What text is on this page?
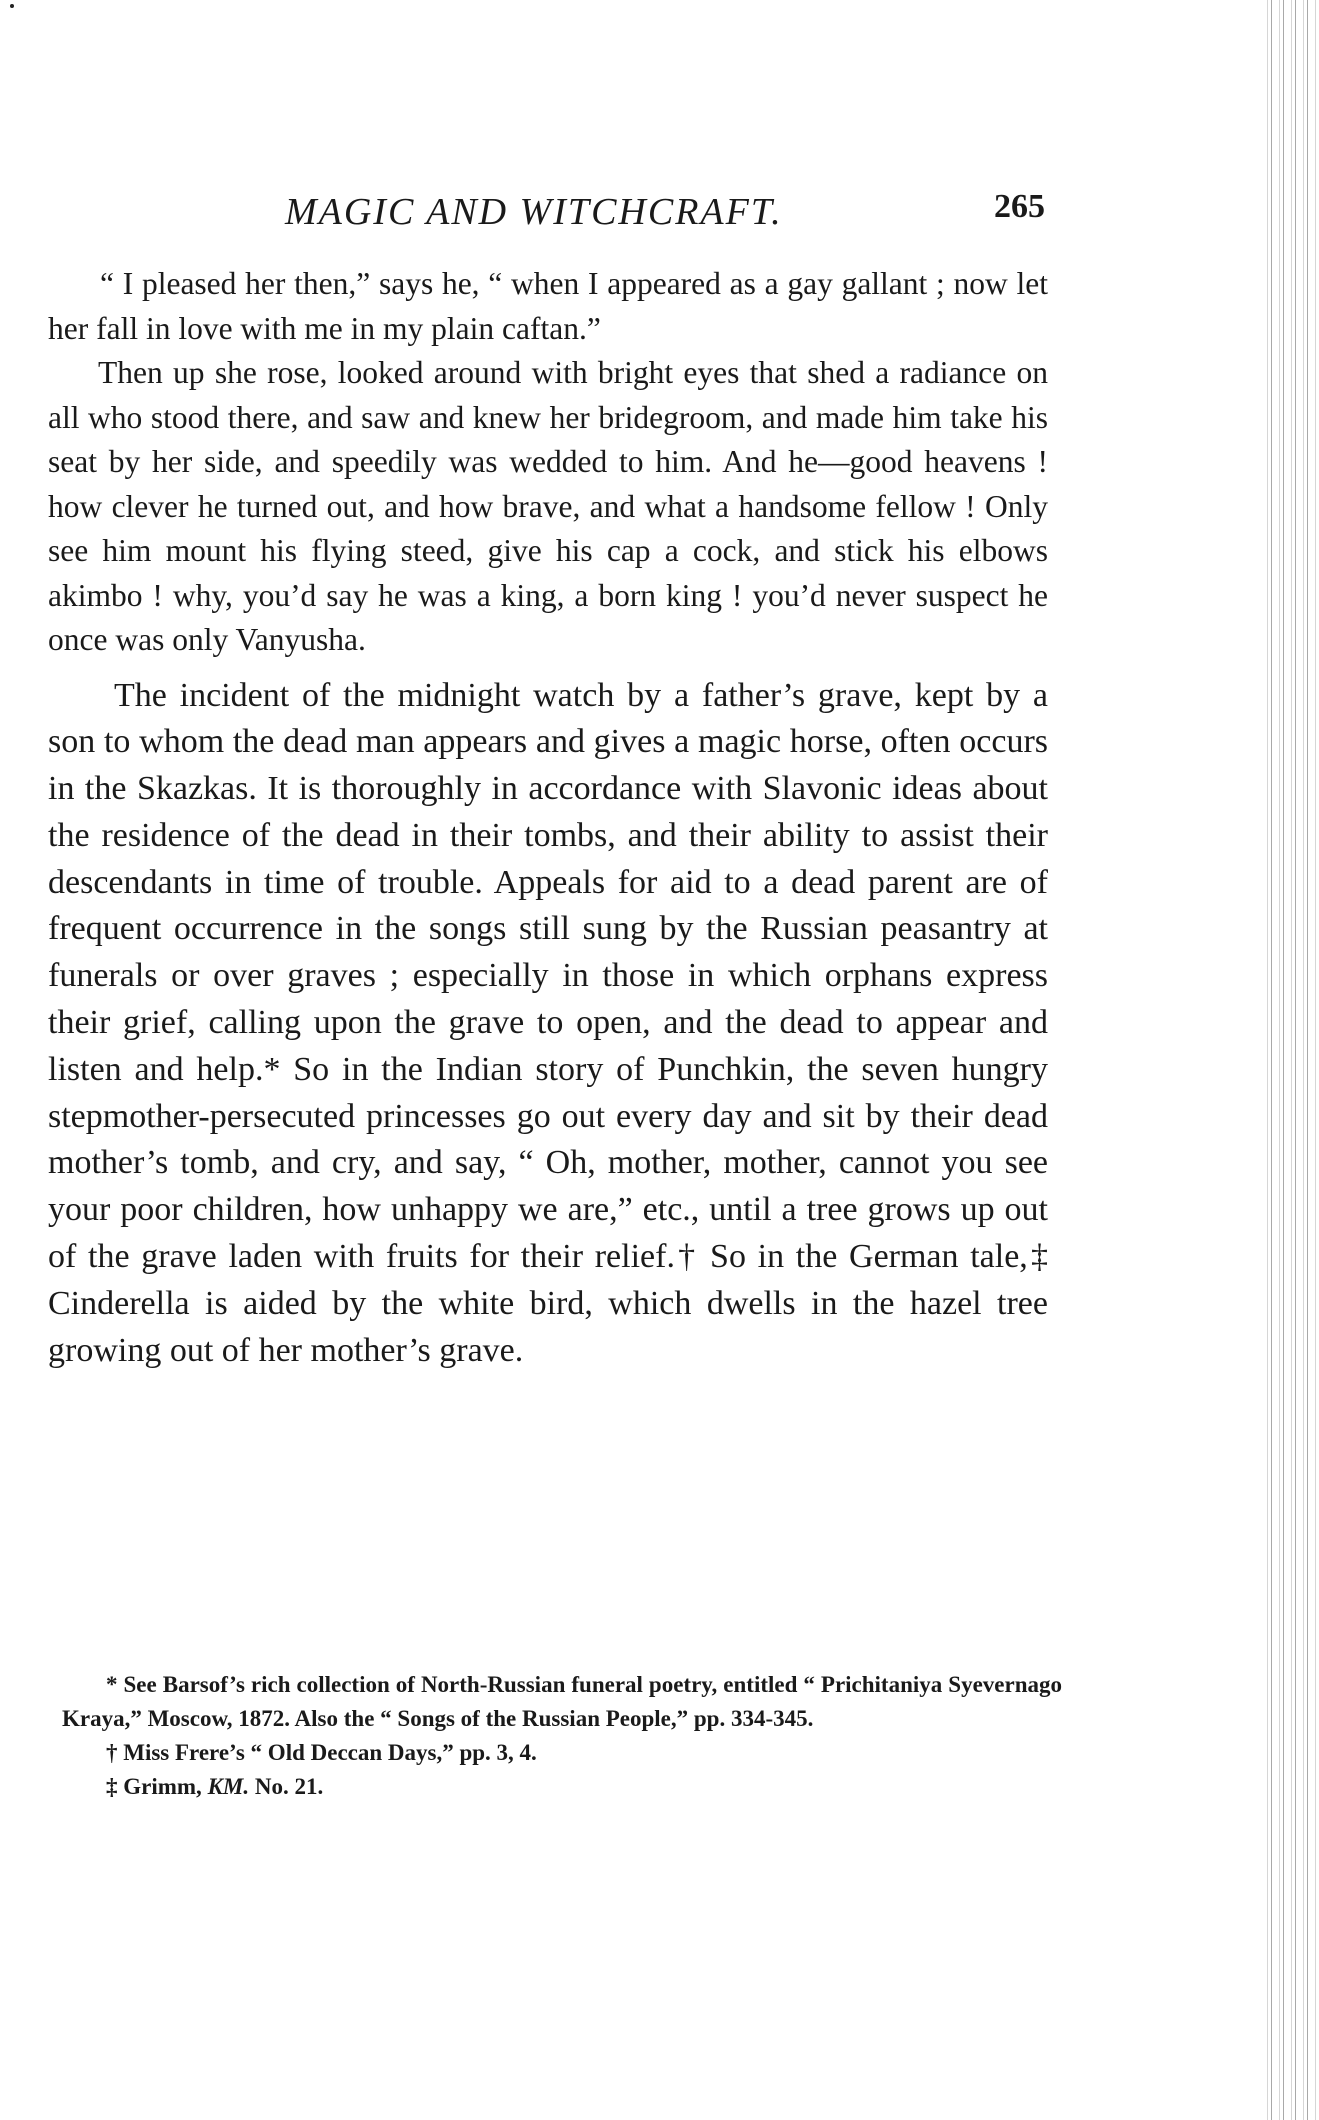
MAGIC AND WITCHCRAFT.	265

“ I pleased her then,” says he, “ when I appeared as a gay gallant ; now let her fall in love with me in my plain caftan.”

Then up she rose, looked around with bright eyes that shed a radiance on all who stood there, and saw and knew her bridegroom, and made him take his seat by her side, and speedily was wedded to him. And he—good heavens ! how clever he turned out, and how brave, and what a handsome fellow ! Only see him mount his flying steed, give his cap a cock, and stick his elbows akimbo ! why, you’d say he was a king, a born king ! you’d never suspect he once was only Vanyusha.

The incident of the midnight watch by a father’s grave, kept by a son to whom the dead man appears and gives a magic horse, often occurs in the Skazkas. It is thoroughly in accordance with Slavonic ideas about the residence of the dead in their tombs, and their ability to assist their descendants in time of trouble. Appeals for aid to a dead parent are of frequent occurrence in the songs still sung by the Russian peasantry at funerals or over graves ; especially in those in which orphans express their grief, calling upon the grave to open, and the dead to appear and listen and help.* So in the Indian story of Punchkin, the seven hungry stepmother-persecuted princesses go out every day and sit by their dead mother’s tomb, and cry, and say, “ Oh, mother, mother, cannot you see your poor children, how unhappy we are,” etc., until a tree grows up out of the grave laden with fruits for their relief.† So in the German tale,‡ Cinderella is aided by the white bird, which dwells in the hazel tree growing out of her mother’s grave.

* See Barsof’s rich collection of North-Russian funeral poetry, entitled “ Prichitaniya Syevernago Kraya,” Moscow, 1872. Also the “ Songs of the Russian People,” pp. 334-345.

† Miss Frere’s “ Old Deccan Days,” pp. 3, 4.

‡ Grimm, KM. No. 21.
